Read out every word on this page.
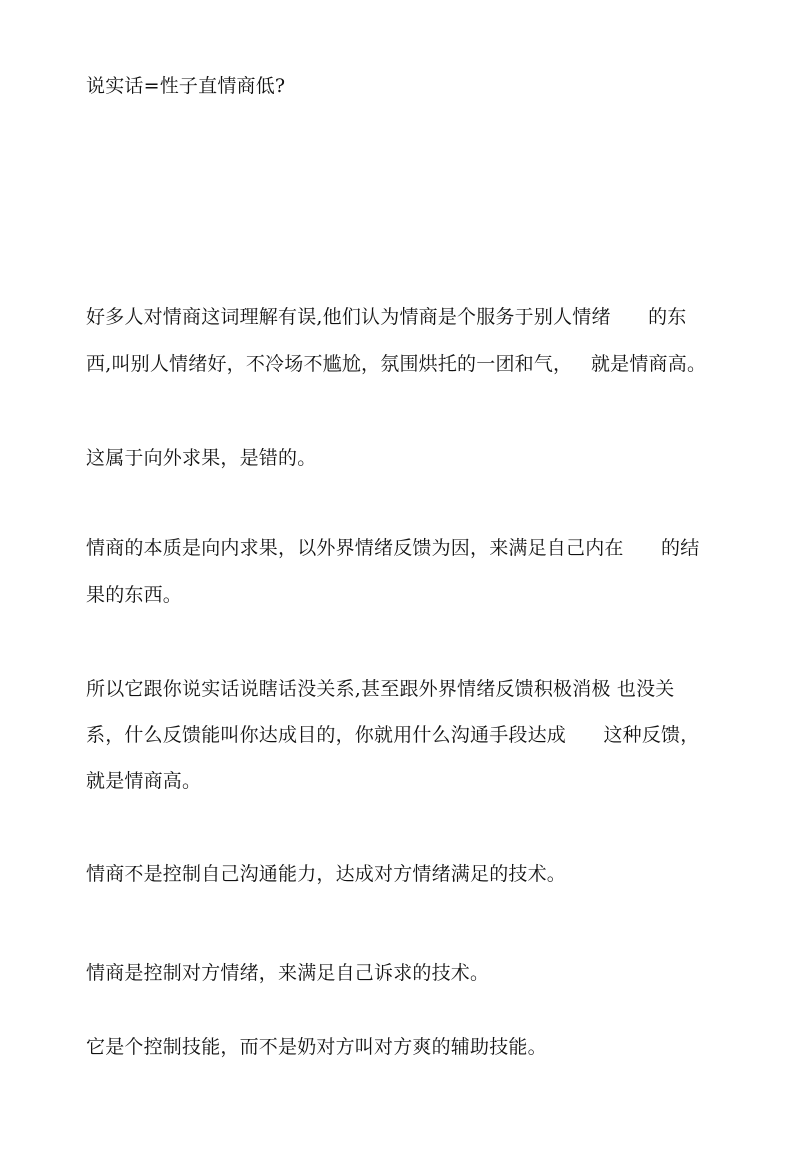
说实话=性子直情商低?
好多人对情商这词理解有误,他们认为情商是个服务于别人情绪      的东
西,叫别人情绪好，不冷场不尴尬，氛围烘托的一团和气，   就是情商高。
这属于向外求果，是错的。
情商的本质是向内求果，以外界情绪反馈为因，来满足自己内在      的结
果的东西。
所以它跟你说实话说瞎话没关系,甚至跟外界情绪反馈积极消极 也没关
系，什么反馈能叫你达成目的，你就用什么沟通手段达成      这种反馈，
就是情商高。
情商不是控制自己沟通能力，达成对方情绪满足的技术。
情商是控制对方情绪，来满足自己诉求的技术。
它是个控制技能，而不是奶对方叫对方爽的辅助技能。
